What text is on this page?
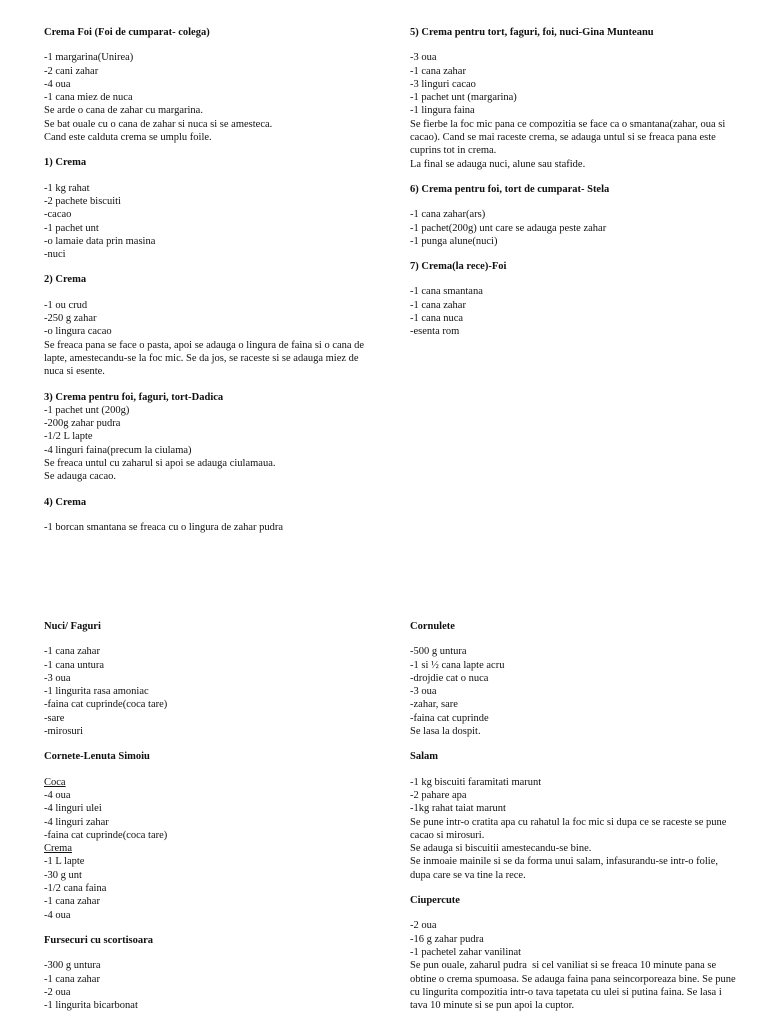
Crema Foi (Foi de cumparat- colega)
-1 margarina(Unirea)
-2 cani zahar
-4 oua
-1 cana miez de nuca
Se arde o cana de zahar cu margarina.
Se bat ouale cu o cana de zahar si nuca si se amesteca.
Cand este calduta crema se umplu foile.
1) Crema
-1 kg rahat
-2 pachete biscuiti
-cacao
-1 pachet unt
-o lamaie data prin masina
-nuci
2) Crema
-1 ou crud
-250 g zahar
-o lingura cacao
Se freaca pana se face o pasta, apoi se adauga o lingura de faina si o cana de lapte, amestecandu-se la foc mic. Se da jos, se raceste si se adauga miez de nuca si esente.
3) Crema pentru foi, faguri, tort-Dadica
-1 pachet unt (200g)
-200g zahar pudra
-1/2 L lapte
-4 linguri faina(precum la ciulama)
Se freaca untul cu zaharul si apoi se adauga ciulamaua.
Se adauga cacao.
4) Crema
-1 borcan smantana se freaca cu o lingura de zahar pudra
5) Crema pentru tort, faguri, foi, nuci-Gina Munteanu
-3 oua
-1 cana zahar
-3 linguri cacao
-1 pachet unt (margarina)
-1 lingura faina
Se fierbe la foc mic pana ce compozitia se face ca o smantana(zahar, oua si cacao). Cand se mai raceste crema, se adauga untul si se freaca pana este cuprins tot in crema.
La final se adauga nuci, alune sau stafide.
6) Crema pentru foi, tort de cumparat- Stela
-1 cana zahar(ars)
-1 pachet(200g) unt care se adauga peste zahar
-1 punga alune(nuci)
7) Crema(la rece)-Foi
-1 cana smantana
-1 cana zahar
-1 cana nuca
-esenta rom
Nuci/ Faguri
-1 cana zahar
-1 cana untura
-3 oua
-1 lingurita rasa amoniac
-faina cat cuprinde(coca tare)
-sare
-mirosuri
Cornete-Lenuta Simoiu
Coca
-4 oua
-4 linguri ulei
-4 linguri zahar
-faina cat cuprinde(coca tare)
Crema
-1 L lapte
-30 g unt
-1/2 cana faina
-1 cana zahar
-4 oua
Fursecuri cu scortisoara
-300 g untura
-1 cana zahar
-2 oua
-1 lingurita bicarbonat
Cornulete
-500 g untura
-1 si ½ cana lapte acru
-drojdie cat o nuca
-3 oua
-zahar, sare
-faina cat cuprinde
Se lasa la dospit.
Salam
-1 kg biscuiti faramitati marunt
-2 pahare apa
-1kg rahat taiat marunt
Se pune intr-o cratita apa cu rahatul la foc mic si dupa ce se raceste se pune cacao si mirosuri.
Se adauga si biscuitii amestecandu-se bine.
Se inmoaie mainile si se da forma unui salam, infasurandu-se intr-o folie, dupa care se va tine la rece.
Ciupercute
-2 oua
-16 g zahar pudra
-1 pachetel zahar vanilinat
Se pun ouale, zaharul pudra  si cel vaniliat si se freaca 10 minute pana se obtine o crema spumoasa. Se adauga faina pana seincorporeaza bine. Se pune cu lingurita compozitia intr-o tava tapetata cu ulei si putina faina. Se lasa i tava 10 minute si se pun apoi la cuptor.
